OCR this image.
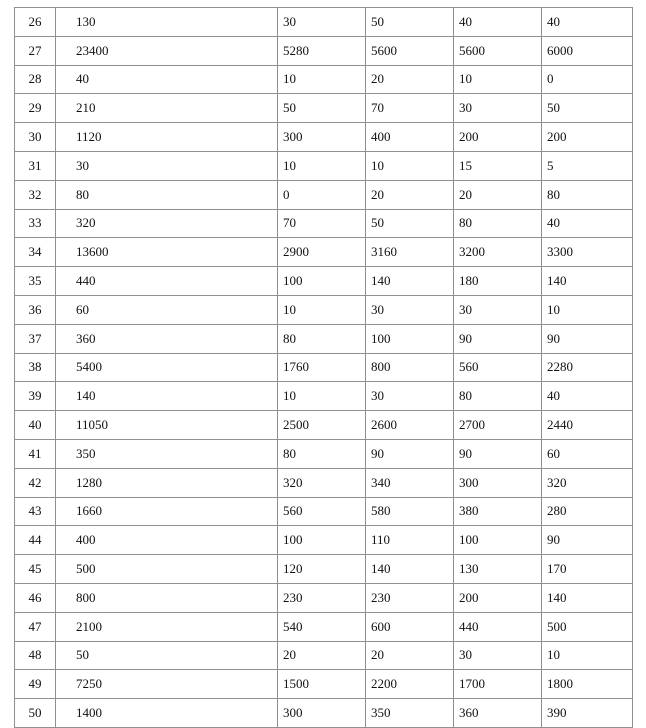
26	130	30	50	40	40
27	23400	5280	5600	5600	6000
28	40	10	20	10	0
29	210	50	70	30	50
30	1120	300	400	200	200
31	30	10	10	15	5
32	80	0	20	20	80
33	320	70	50	80	40
34	13600	2900	3160	3200	3300
35	440	100	140	180	140
36	60	10	30	30	10
37	360	80	100	90	90
38	5400	1760	800	560	2280
39	140	10	30	80	40
40	11050	2500	2600	2700	2440
41	350	80	90	90	60
42	1280	320	340	300	320
43	1660	560	580	380	280
44	400	100	110	100	90
45	500	120	140	130	170
46	800	230	230	200	140
47	2100	540	600	440	500
48	50	20	20	30	10
49	7250	1500	2200	1700	1800
50	1400	300	350	360	390
